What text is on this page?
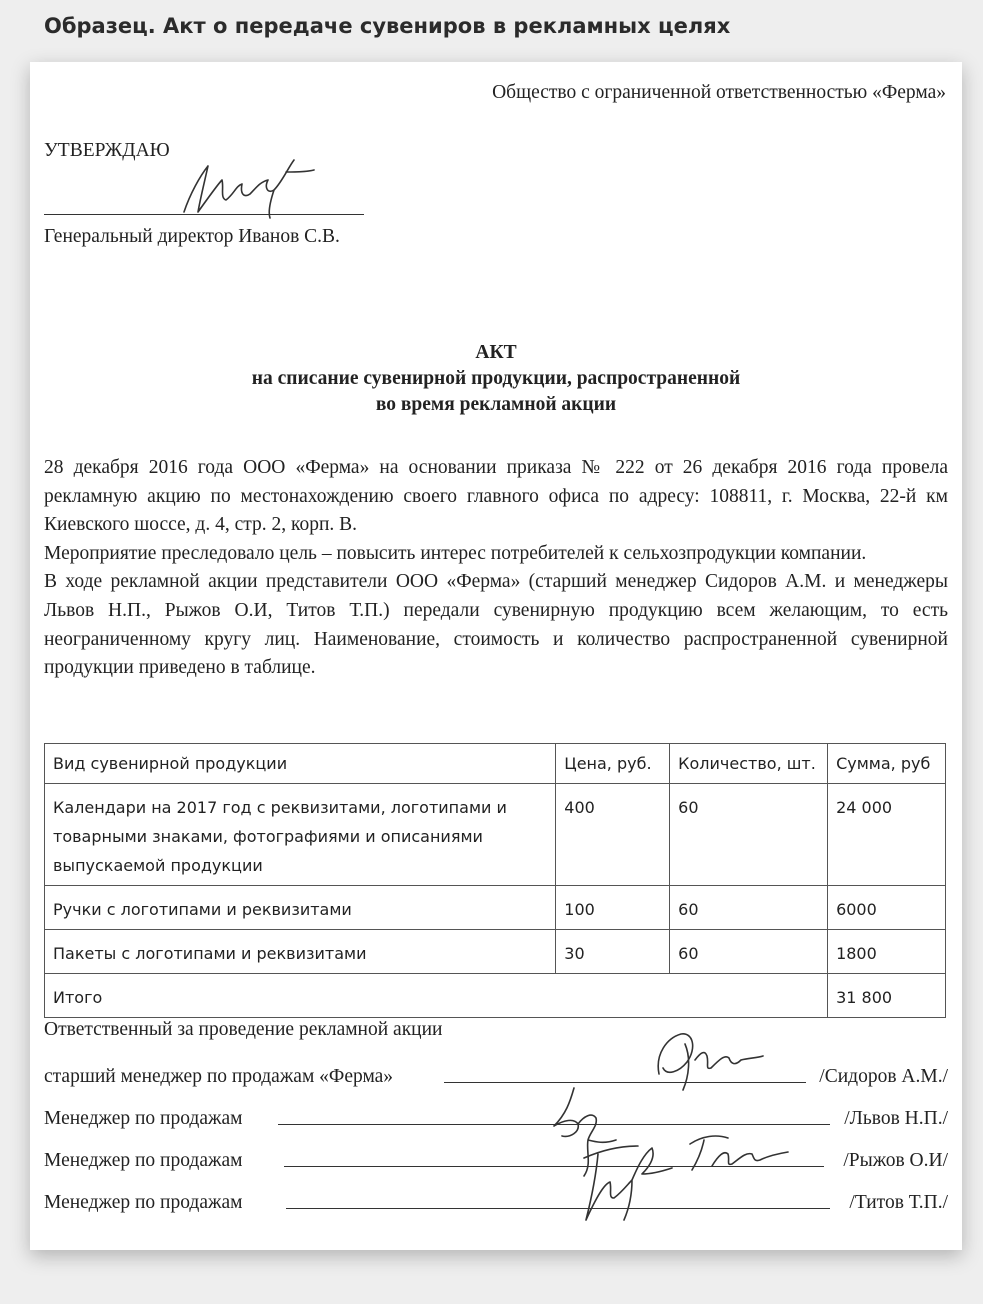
Образец. Акт о передаче сувениров в рекламных целях
Общество с ограниченной ответственностью «Ферма»
УТВЕРЖДАЮ
Генеральный директор Иванов С.В.
АКТ
на списание сувенирной продукции, распространенной
во время рекламной акции

28 декабря 2016 года ООО «Ферма» на основании приказа № 222 от 26 декабря 2016 года провела рекламную акцию по местонахождению своего главного офиса по адресу: 108811, г. Москва, 22-й км Киевского шоссе, д. 4, стр. 2, корп. В.

Мероприятие преследовало цель – повысить интерес потребителей к сельхозпродукции компании.

В ходе рекламной акции представители ООО «Ферма» (старший менеджер Сидоров А.М. и менеджеры Львов Н.П., Рыжов О.И, Титов Т.П.) передали сувенирную продукцию всем желающим, то есть неограниченному кругу лиц. Наименование, стоимость и количество распространенной сувенирной продукции приведено в таблице.

Вид сувенирной продукции	Цена, руб.	Количество, шт.	Сумма, руб
Календари на 2017 год с реквизитами, логотипами и товарными знаками, фотографиями и описаниями выпускаемой продукции	400	60	24 000
Ручки с логотипами и реквизитами	100	60	6000
Пакеты с логотипами и реквизитами	30	60	1800
Итого			31 800
Ответственный за проведение рекламной акции
старший менеджер по продажам «Ферма»	/Сидоров А.М./
Менеджер по продажам	/Львов Н.П./
Менеджер по продажам	/Рыжов О.И/
Менеджер по продажам	/Титов Т.П./
